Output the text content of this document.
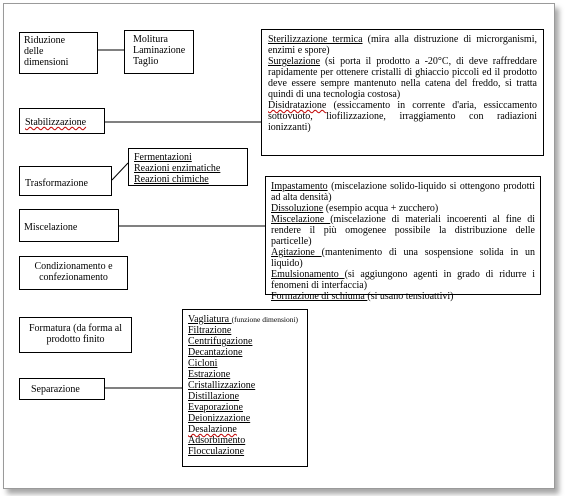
Riduzione delle dimensioni
Molitura
Laminazione
Taglio
Stabilizzazione
Trasformazione
Fermentazioni
Reazioni enzimatiche
Reazioni chimiche
Miscelazione
Condizionamento e confezionamento
Formatura (da forma al prodotto finito
Separazione
Sterilizzazione termica (mira alla distruzione di microrganismi, enzimi e spore)
Surgelazione (si porta il prodotto a -20°C, di deve raffreddare rapidamente per ottenere cristalli di ghiaccio piccoli ed il prodotto deve essere sempre mantenuto nella catena del freddo, si tratta quindi di una tecnologia costosa)
Disidratazione (essiccamento in corrente d'aria, essiccamento sottovuoto, liofilizzazione, irraggiamento con radiazioni ionizzanti)
Impastamento (miscelazione solido-liquido si ottengono prodotti ad alta densità)
Dissoluzione (esempio acqua + zucchero)
Miscelazione (miscelazione di materiali incoerenti al fine di rendere il più omogenee possibile la distribuzione delle particelle)
Agitazione (mantenimento di una sospensione solida in un liquido)
Emulsionamento (si aggiungono agenti in grado di ridurre i fenomeni di interfaccia)
Formazione di schiuma (si usano tensioattivi)
Vagliatura (funzione dimensioni)
Filtrazione
Centrifugazione
Decantazione
Cicloni
Estrazione
Cristallizzazione
Distillazione
Evaporazione
Deionizzazione
Desalazione
Adsorbimento
Flocculazione
